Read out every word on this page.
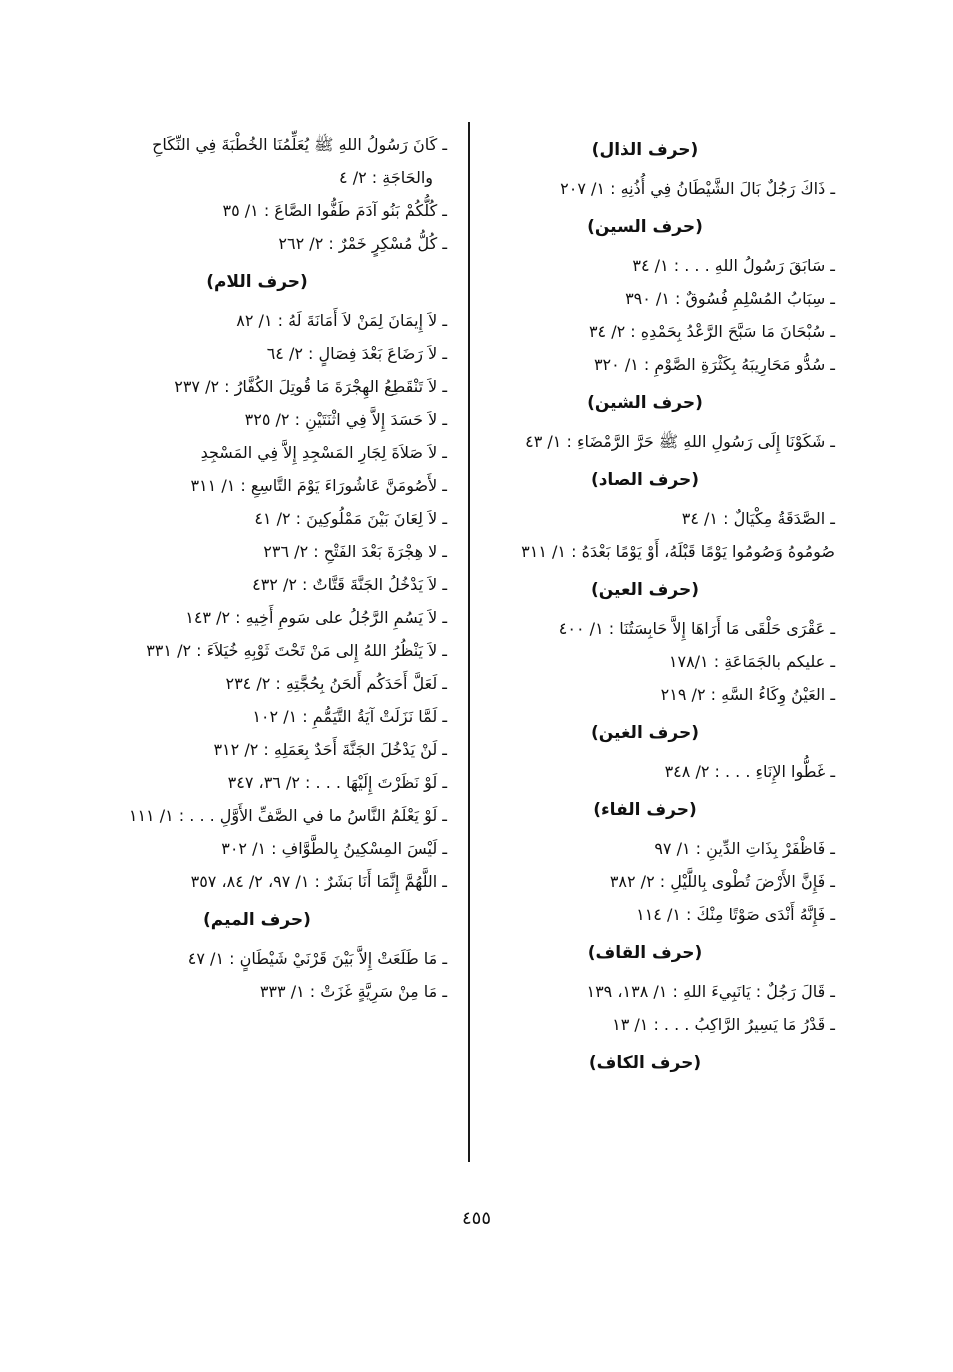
(حرف الذال)
ـ ذَاكَ رَجُلٌ بَالَ الشَّيْطَانُ فِي أُذُنِهِ : ١/ ٢٠٧
(حرف السين)
ـ سَابَقَ رَسُولُ اللهِ . . . : ١/ ٣٤
ـ سِبَابُ المُسْلِمِ فُسُوقٌ : ١/ ٣٩٠
ـ سُبْحَانَ مَا سَبَّحَ الرَّعْدُ بِحَمْدِهِ : ٢/ ٣٤
ـ سُدُّو مَحَارِيبَهُ بِكَثْرَةِ الصَّوْمِ : ١/ ٣٢٠
(حرف الشين)
ـ شَكَوْنَا إِلَى رَسُولِ اللهِ ﷺ حَرَّ الرَّمْضَاءِ : ١/ ٤٣
(حرف الصاد)
ـ الصَّدَقَةُ مِكْيَالٌ : ١/ ٣٤
صُومُوهُ وَصُومُوا يَوْمًا قَبْلَهُ، أَوْ يَوْمًا بَعْدَهُ : ١/ ٣١١
(حرف العين)
ـ عَقْرَى حَلْقَى مَا أَرَاهَا إِلاَّ حَابِسَتُنَا : ١/ ٤٠٠
ـ عليكم بالجَمَاعَةِ : ١٧٨/١
ـ العَيْنُ وِكَاءُ السَّهِ : ٢/ ٢١٩
(حرف الغين)
ـ غَطُّوا الإِنَاءِ . . . : ٢/ ٣٤٨
(حرف الفاء)
ـ فَاظْفَرْ بِذَاتِ الدِّينِ : ١/ ٩٧
ـ فَإِنَّ الأَرْضَ تُطْوى بِاللَّيْلِ : ٢/ ٣٨٢
ـ فَإِنَّهُ أَنْدَى صَوْتًا مِنْكَ : ١/ ١١٤
(حرف القاف)
ـ قَالَ رَجُلٌ : يَانَبِيءَ اللهِ : ١/ ١٣٨، ١٣٩
ـ قَدْرُ مَا يَسِيرُ الرَّاكِبُ . . . : ١/ ١٣
(حرف الكاف)
ـ كَانَ رَسُولُ اللهِ ﷺ يُعَلِّمُنَا الخُطْبَةَ فِي النِّكَاحِ
والحَاجَةِ : ٢/ ٤
ـ كُلُّكُمْ بَنُو آدَمَ طَفُّوا الصَّاعَ : ١/ ٣٥
ـ كُلُّ مُسْكِرٍ خَمْرٌ : ٢/ ٢٦٢
(حرف اللام)
ـ لاَ إِيمَانَ لِمَنْ لاَ أَمَانَةَ لَهُ : ١/ ٨٢
ـ لاَ رَضَاعَ بَعْدَ فِصَالٍ : ٢/ ٦٤
ـ لاَ تَنْقَطِعُ الهِجْرَةَ مَا قُوتِلَ الكُفَّارُ : ٢/ ٢٣٧
ـ لاَ حَسَدَ إِلاَّ فِي اثْنَتَيْنِ : ٢/ ٣٢٥
ـ لاَ صَلاَةَ لِجَارِ المَسْجِدِ إِلاَّ فِي المَسْجِدِ
ـ لأَصُومَنَّ عَاشُورَاءَ يَوْمَ التَّاسِعِ : ١/ ٣١١
ـ لاَ لِعَانَ بَيْنَ مَمْلُوكِينَ : ٢/ ٤١
ـ لا هِجْرَةَ بَعْدَ الفَتْحِ : ٢/ ٢٣٦
ـ لاَ يَدْخُلُ الجَنَّةَ قَتَّاتٌ : ٢/ ٤٣٢
ـ لاَ يَسُمِ الرَّجُلُ على سَومِ أَخِيهِ : ٢/ ١٤٣
ـ لاَ يَنْظُرُ اللهُ إِلى مَنْ تَحْتَ ثَوْبِهِ خُيَلاَءَ : ٢/ ٣٣١
ـ لَعَلَّ أَحَدَكُم أَلحَنُ بِحُجَّتِهِ : ٢/ ٢٣٤
ـ لَمَّا نَزَلَتْ آيَةُ التَّيَمُّمِ : ١/ ١٠٢
ـ لَنْ يَدْخُلَ الجَنَّةَ أَحَدٌ بِعَمَلِهِ : ٢/ ٣١٢
ـ لَوْ نَظَرْتَ إِلَيْهَا . . . : ٢/ ٣٦، ٣٤٧
ـ لَوْ يَعْلَمُ النَّاسُ ما في الصَّفِّ الأَوَّلِ . . . : ١/ ١١١
ـ لَيْسَ المِسْكِينُ بِالطَّوَّافِ : ١/ ٣٠٢
ـ اللَّهُمَّ إِنَّمَا أَنَا بَشَرٌ : ١/ ٩٧، ٢/ ٨٤، ٣٥٧
(حرف الميم)
ـ مَا طَلَعَتْ إِلاَّ بَيْنَ قَرْنَيْ شَيْطَانٍ : ١/ ٤٧
ـ مَا مِنْ سَرِيَّةٍ غَزَتْ : ١/ ٣٣٣
٤٥٥
